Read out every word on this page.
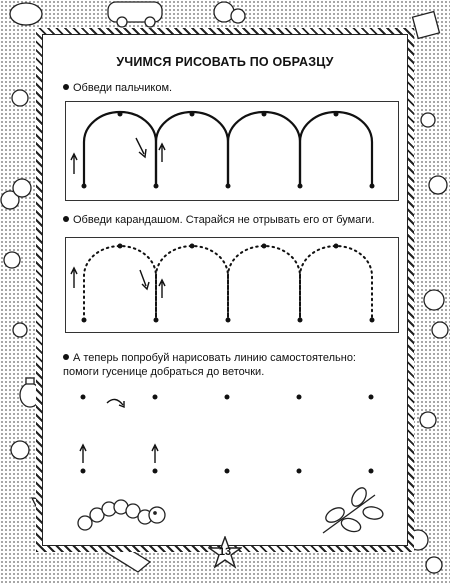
УЧИМСЯ РИСОВАТЬ ПО ОБРАЗЦУ
Обведи пальчиком.
Обведи карандашом. Старайся не отрывать его от бумаги.
А теперь попробуй нарисовать линию самостоятельно:
помоги гусенице добраться до веточки.
13
